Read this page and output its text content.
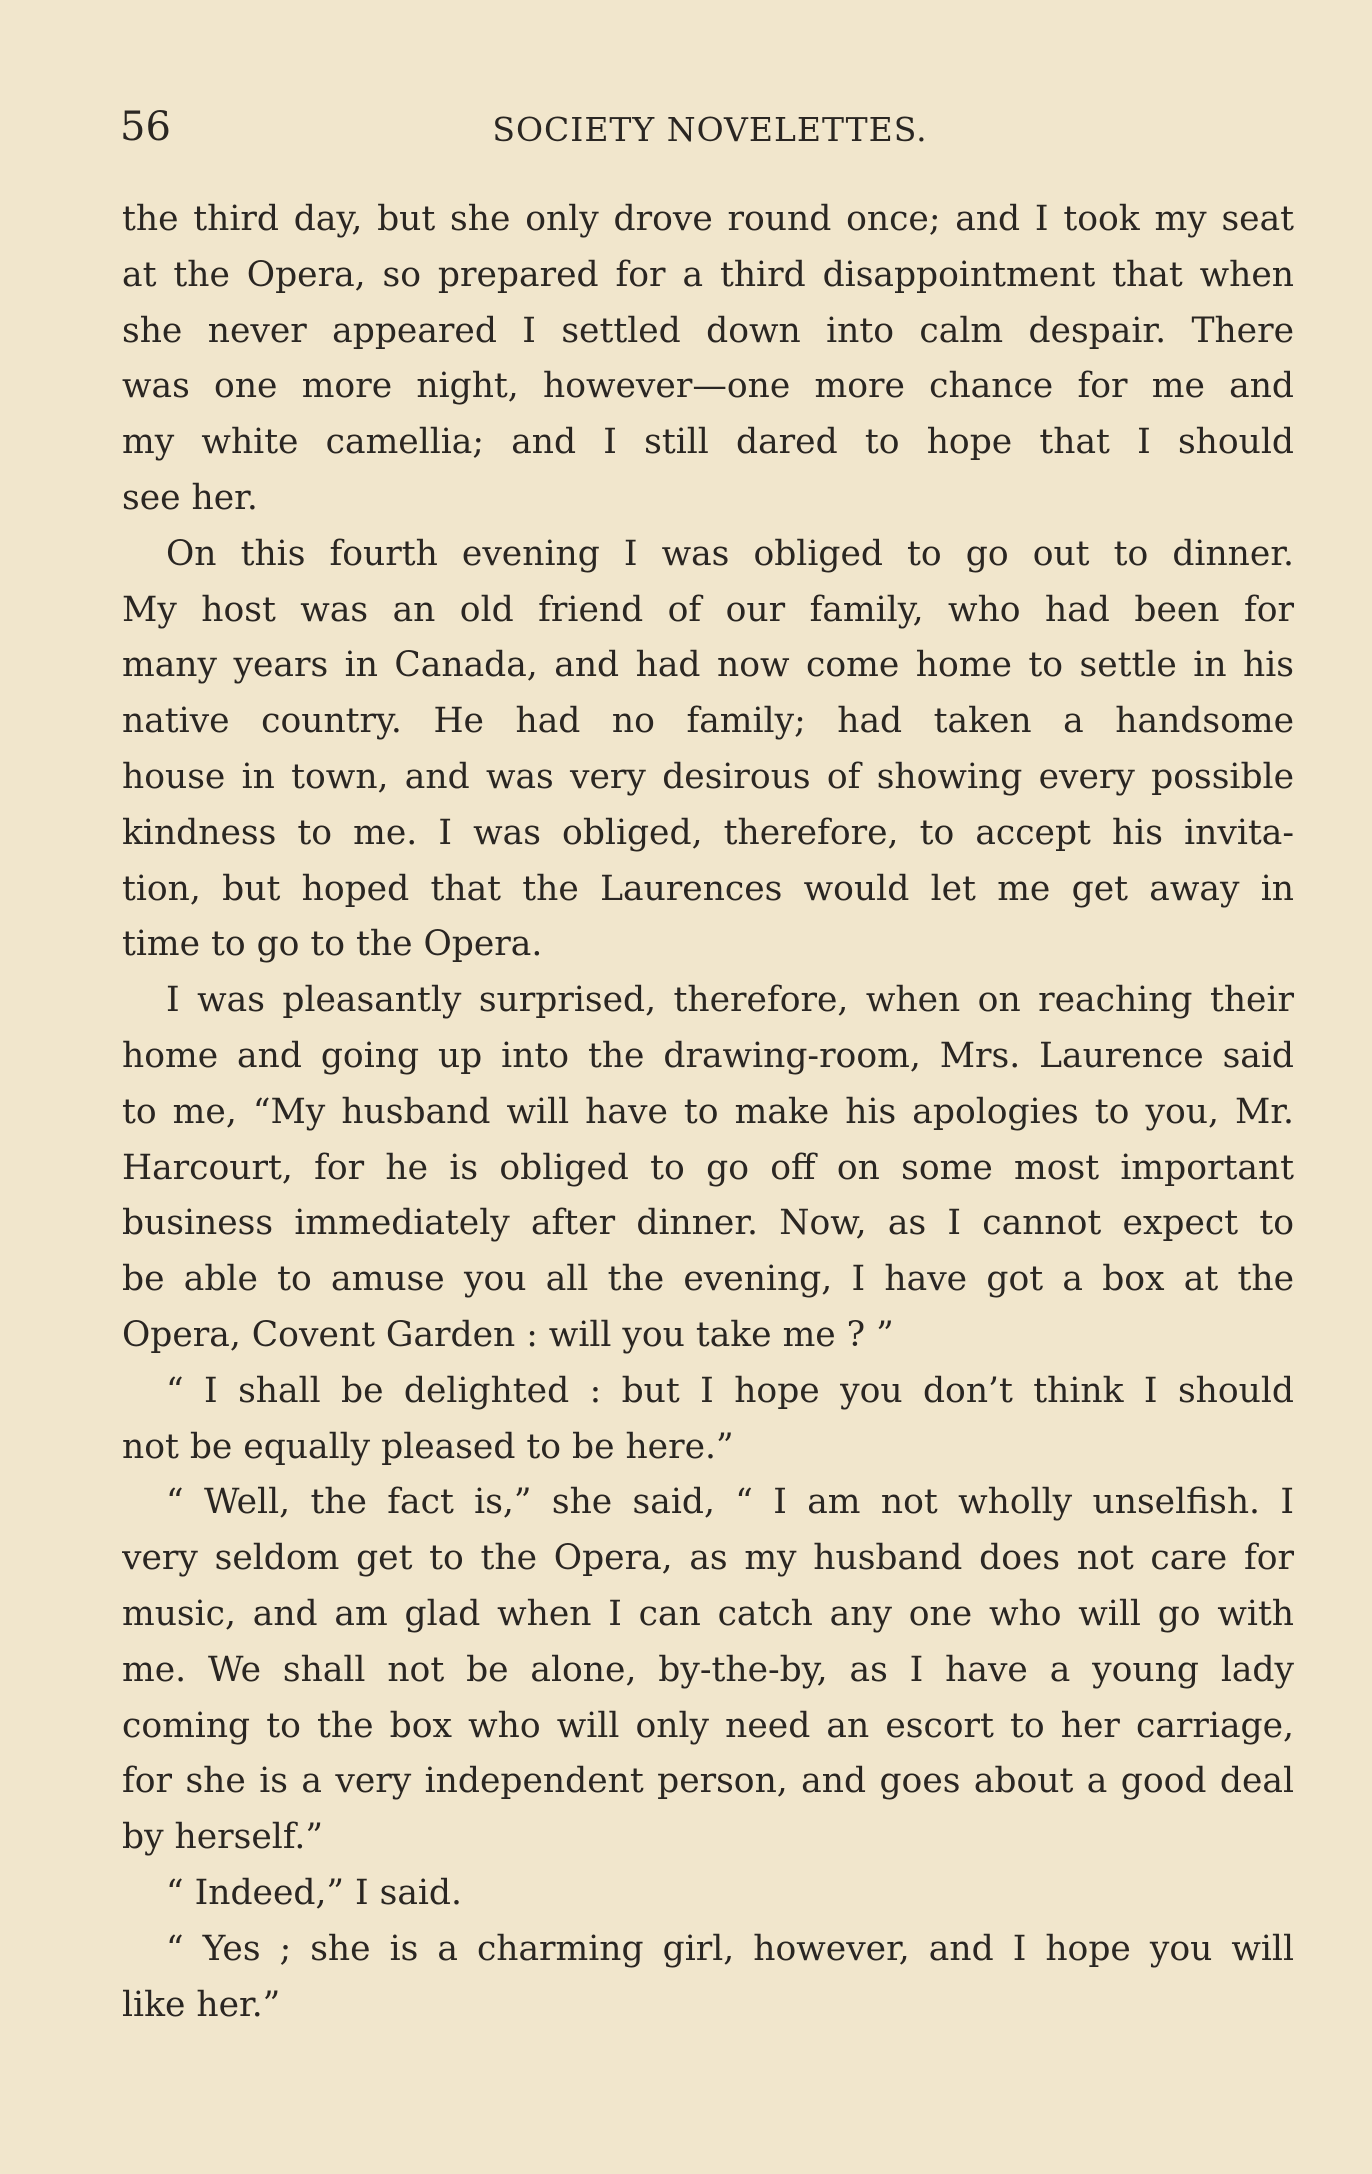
56	SOCIETY NOVELETTES.
the third day, but she only drove round once; and I took my seat
at the Opera, so prepared for a third disappointment that when
she never appeared I settled down into calm despair. There
was one more night, however—one more chance for me and
my white camellia; and I still dared to hope that I should
see her.
On this fourth evening I was obliged to go out to dinner.
My host was an old friend of our family, who had been for
many years in Canada, and had now come home to settle in his
native country. He had no family; had taken a handsome
house in town, and was very desirous of showing every possible
kindness to me. I was obliged, therefore, to accept his invita-
tion, but hoped that the Laurences would let me get away in
time to go to the Opera.
I was pleasantly surprised, therefore, when on reaching their
home and going up into the drawing-room, Mrs. Laurence said
to me, “My husband will have to make his apologies to you, Mr.
Harcourt, for he is obliged to go off on some most important
business immediately after dinner. Now, as I cannot expect to
be able to amuse you all the evening, I have got a box at the
Opera, Covent Garden : will you take me ? ”
“ I shall be delighted : but I hope you don’t think I should
not be equally pleased to be here.”
“ Well, the fact is,” she said, “ I am not wholly unselfish. I
very seldom get to the Opera, as my husband does not care for
music, and am glad when I can catch any one who will go with
me. We shall not be alone, by-the-by, as I have a young lady
coming to the box who will only need an escort to her carriage,
for she is a very independent person, and goes about a good deal
by herself.”
“ Indeed,” I said.
“ Yes ; she is a charming girl, however, and I hope you will
like her.”
